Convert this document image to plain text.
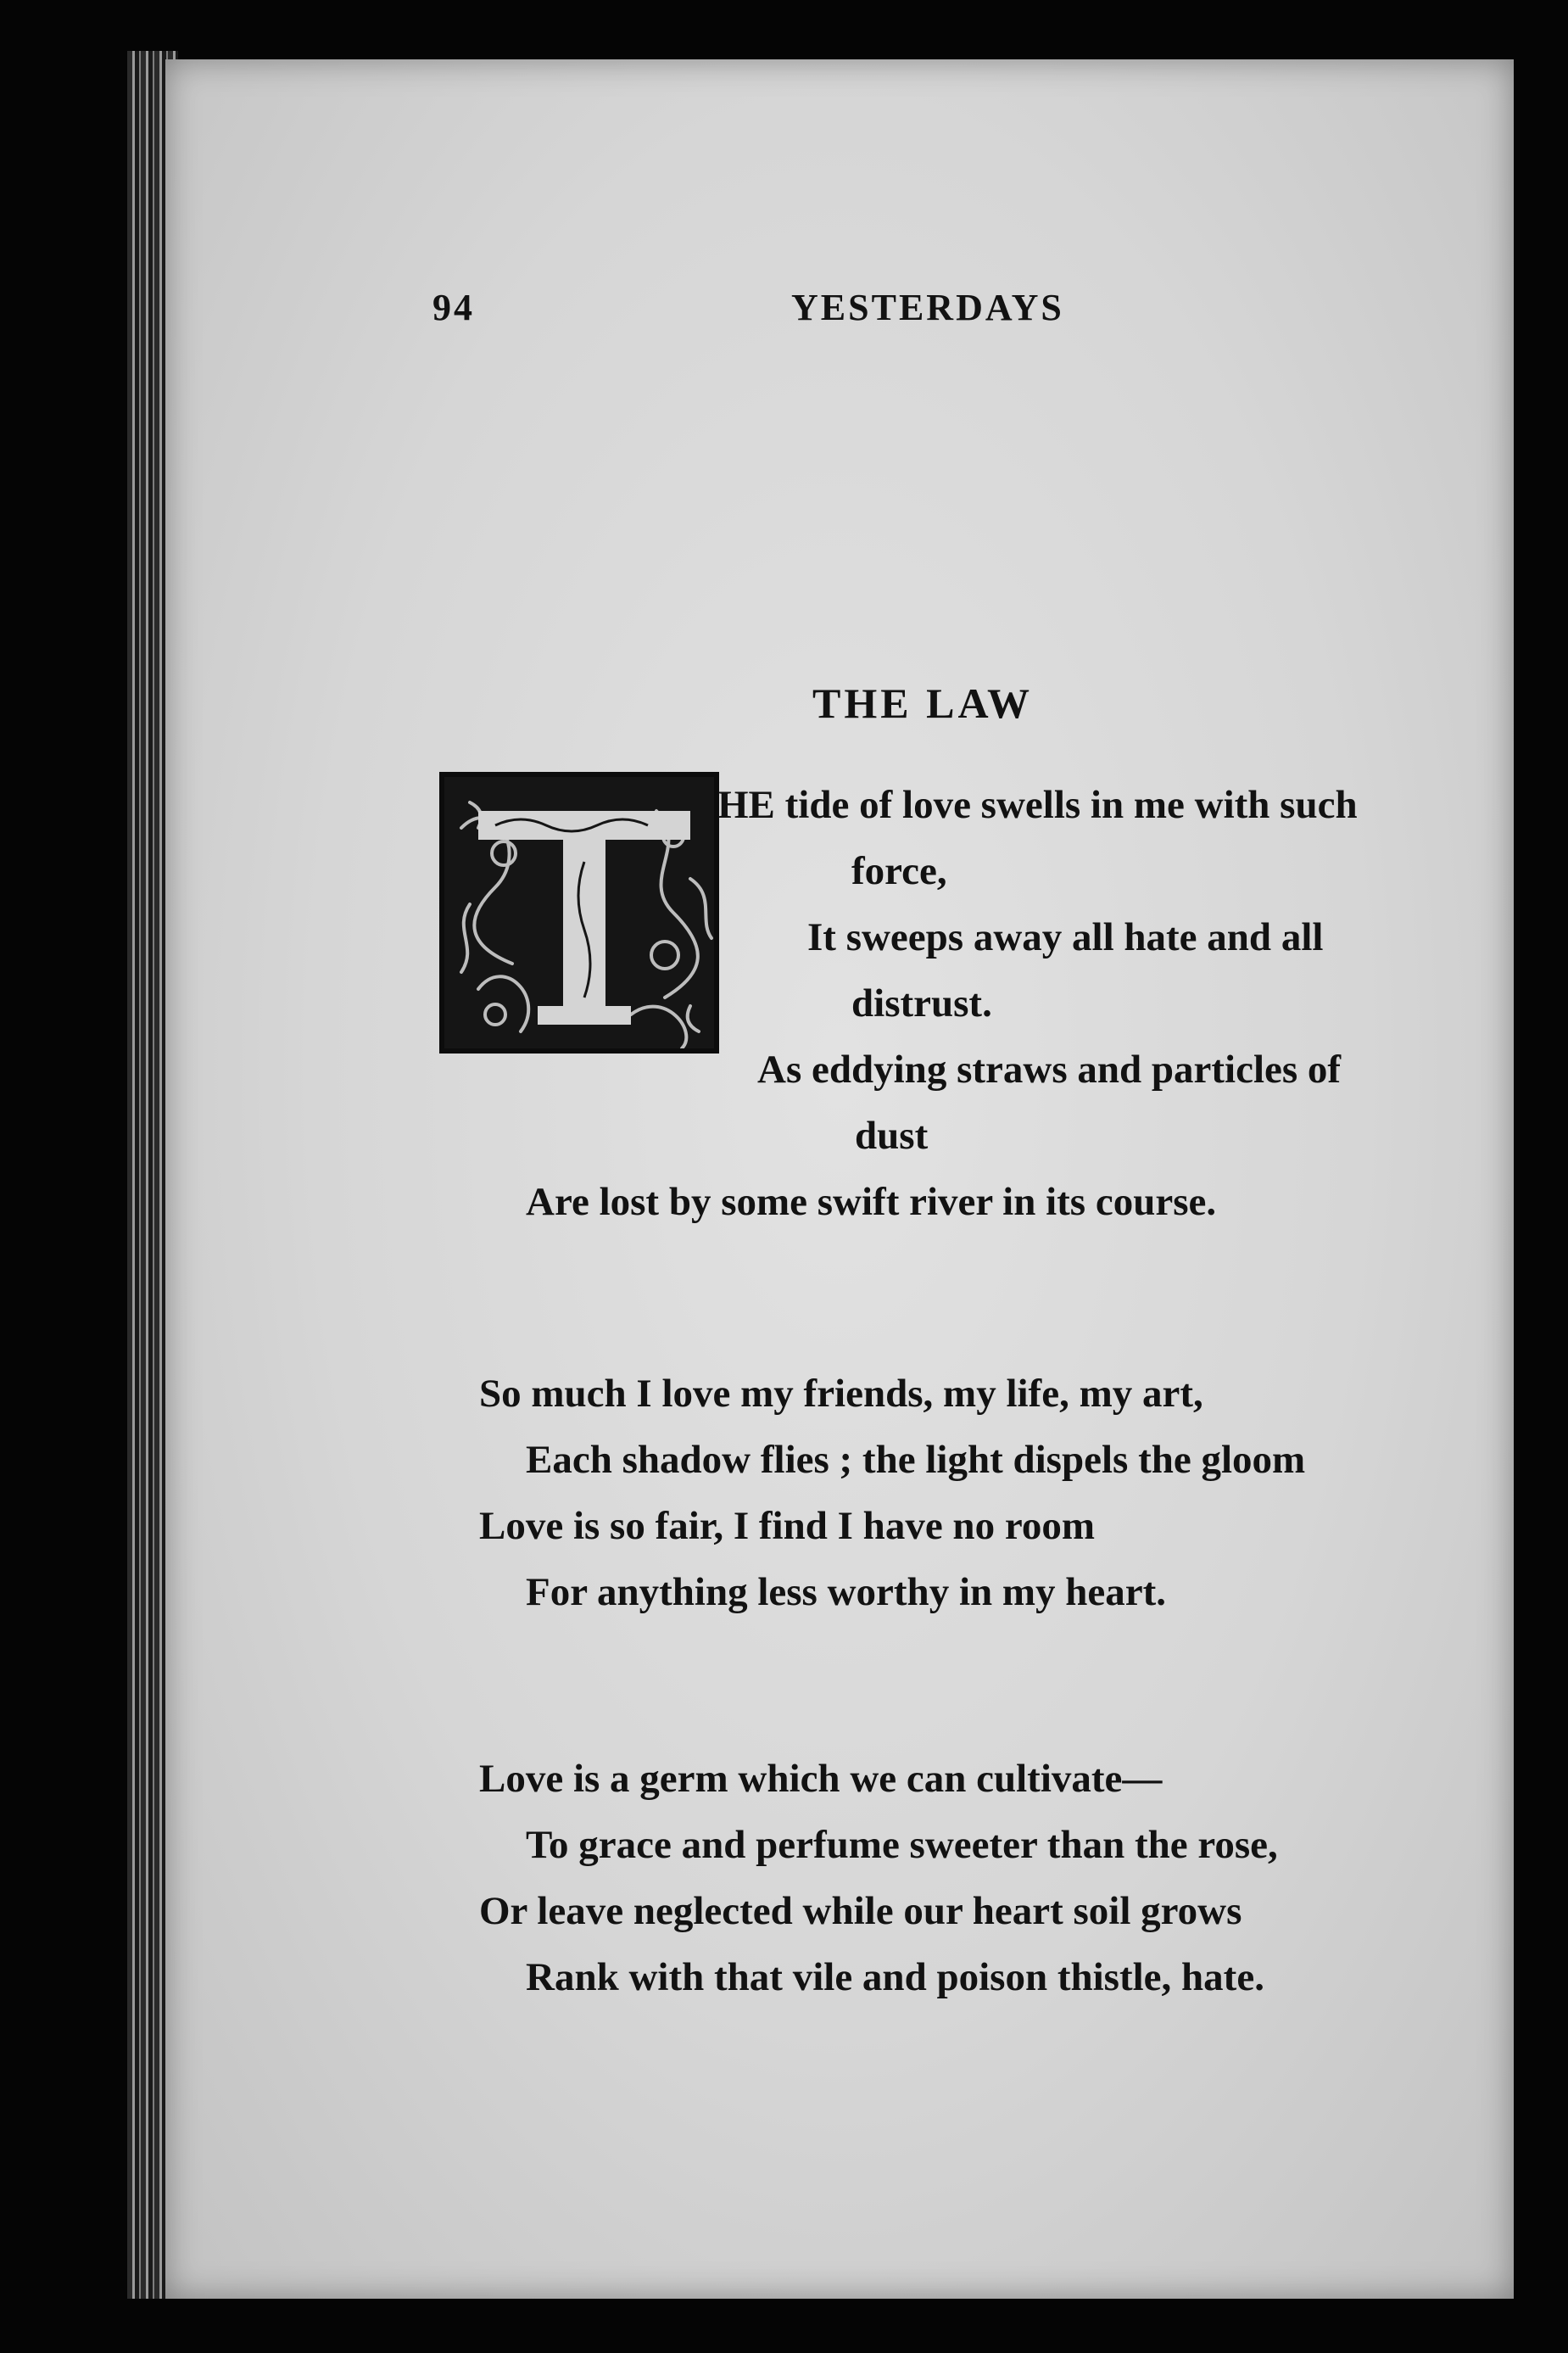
94	YESTERDAYS
THE LAW
HE tide of love swells in me with such
force,
It sweeps away all hate and all
distrust.
As eddying straws and particles of
dust
Are lost by some swift river in its course.
So much I love my friends, my life, my art,
Each shadow flies ; the light dispels the gloom
Love is so fair, I find I have no room
For anything less worthy in my heart.
Love is a germ which we can cultivate—
To grace and perfume sweeter than the rose,
Or leave neglected while our heart soil grows
Rank with that vile and poison thistle, hate.
